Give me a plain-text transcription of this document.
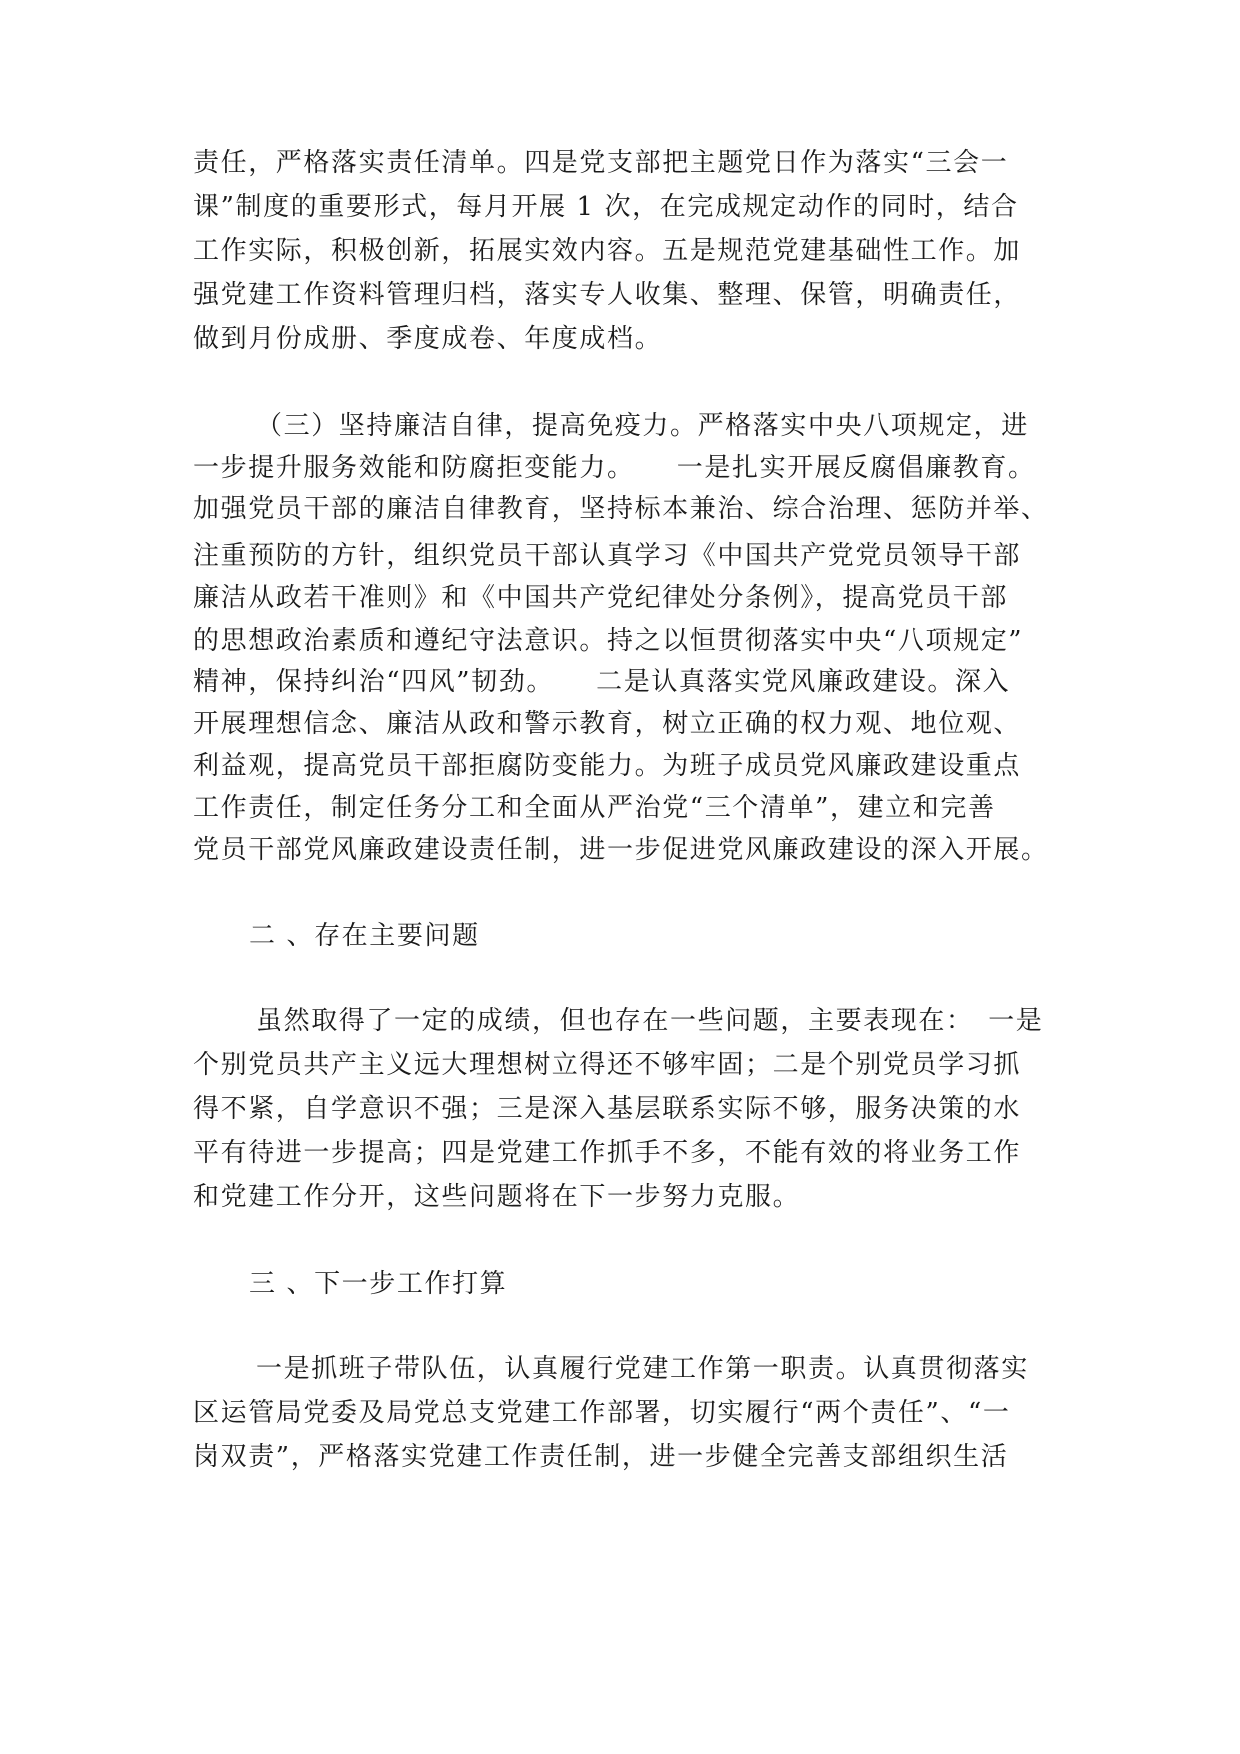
责任，严格落实责任清单。四是党支部把主题党日作为落实“三会一
课”制度的重要形式，每月开展 1 次，在完成规定动作的同时，结合
工作实际，积极创新，拓展实效内容。五是规范党建基础性工作。加
强党建工作资料管理归档，落实专人收集、整理、保管，明确责任，
做到月份成册、季度成卷、年度成档。
（三）坚持廉洁自律，提高免疫力。严格落实中央八项规定，进
一步提升服务效能和防腐拒变能力。　　一是扎实开展反腐倡廉教育。
加强党员干部的廉洁自律教育，坚持标本兼治、综合治理、惩防并举、
注重预防的方针，组织党员干部认真学习《中国共产党党员领导干部
廉洁从政若干准则》和《中国共产党纪律处分条例》，提高党员干部
的思想政治素质和遵纪守法意识。持之以恒贯彻落实中央“八项规定”
精神，保持纠治“四风”韧劲。　　二是认真落实党风廉政建设。深入
开展理想信念、廉洁从政和警示教育，树立正确的权力观、地位观、
利益观，提高党员干部拒腐防变能力。为班子成员党风廉政建设重点
工作责任，制定任务分工和全面从严治党“三个清单”，建立和完善
党员干部党风廉政建设责任制，进一步促进党风廉政建设的深入开展。
二 、存在主要问题
虽然取得了一定的成绩，但也存在一些问题，主要表现在：　一是
个别党员共产主义远大理想树立得还不够牢固；二是个别党员学习抓
得不紧，自学意识不强；三是深入基层联系实际不够，服务决策的水
平有待进一步提高；四是党建工作抓手不多，不能有效的将业务工作
和党建工作分开，这些问题将在下一步努力克服。
三 、下一步工作打算
一是抓班子带队伍，认真履行党建工作第一职责。认真贯彻落实
区运管局党委及局党总支党建工作部署，切实履行“两个责任”、“一
岗双责”，严格落实党建工作责任制，进一步健全完善支部组织生活
